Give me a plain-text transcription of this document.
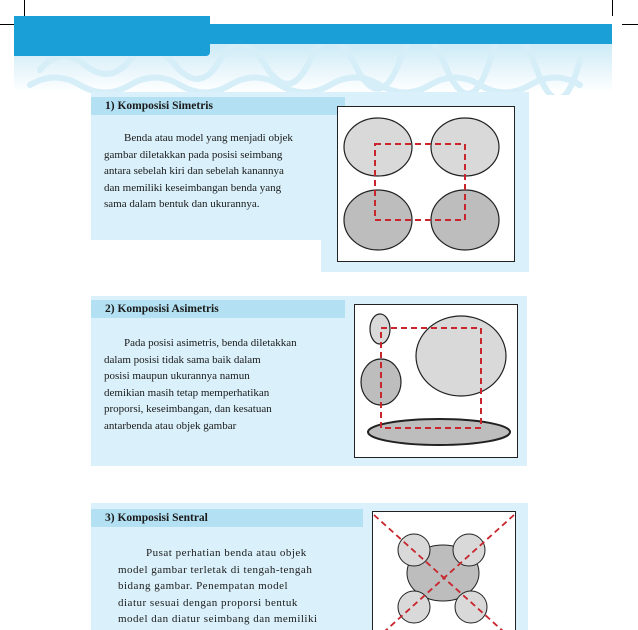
1) Komposisi Simetris

Benda atau model yang menjadi objek
gambar diletakkan pada posisi seimbang
antara sebelah kiri dan sebelah kanannya
dan memiliki keseimbangan benda yang
sama dalam bentuk dan ukurannya.

2) Komposisi Asimetris

Pada posisi asimetris, benda diletakkan
dalam posisi tidak sama baik dalam
posisi maupun ukurannya namun
demikian masih tetap memperhatikan
proporsi, keseimbangan, dan kesatuan
antarbenda atau objek gambar

3) Komposisi Sentral

Pusat perhatian benda atau objek
model gambar terletak di tengah-tengah
bidang gambar. Penempatan model
diatur sesuai dengan proporsi bentuk
model dan diatur seimbang dan memiliki
